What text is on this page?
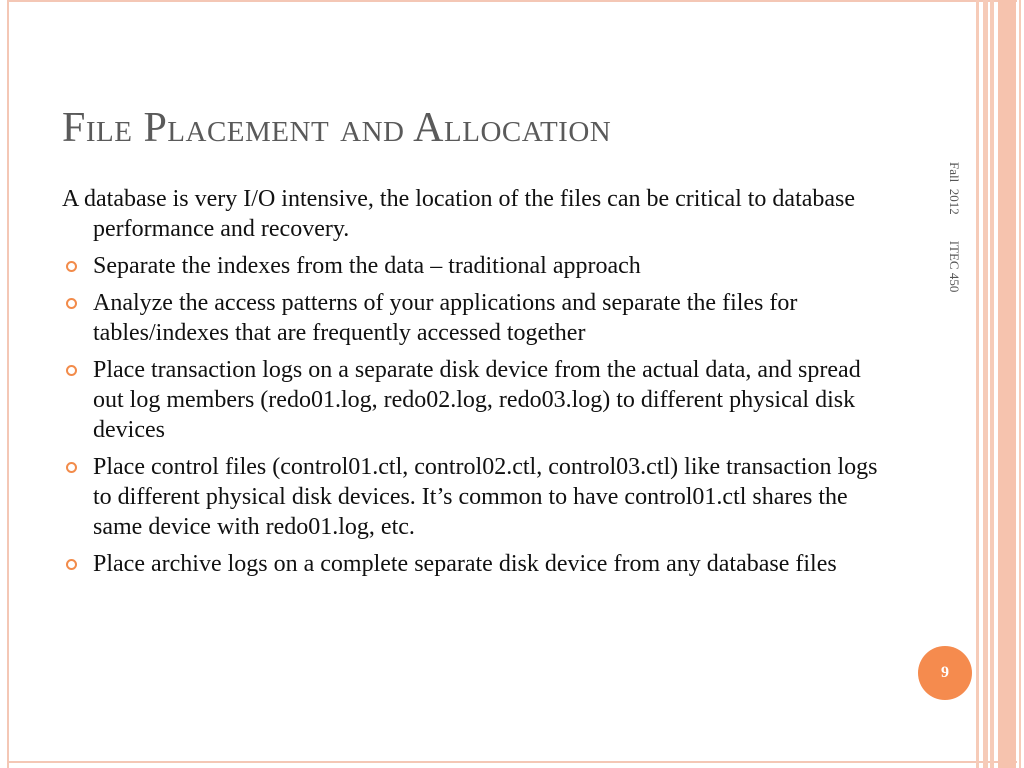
File Placement and Allocation

A database is very I/O intensive, the location of the files can be critical to database performance and recovery.

Separate the indexes from the data – traditional approach
Analyze the access patterns of your applications and separate the files for tables/indexes that are frequently accessed together
Place transaction logs on a separate disk device from the actual data, and spread out log members (redo01.log, redo02.log, redo03.log) to different physical disk devices
Place control files (control01.ctl, control02.ctl, control03.ctl) like transaction logs to different physical disk devices. It’s common to have control01.ctl shares the same device with redo01.log, etc.
Place archive logs on a complete separate disk device from any database files
Fall  2012        ITEC 450
9
